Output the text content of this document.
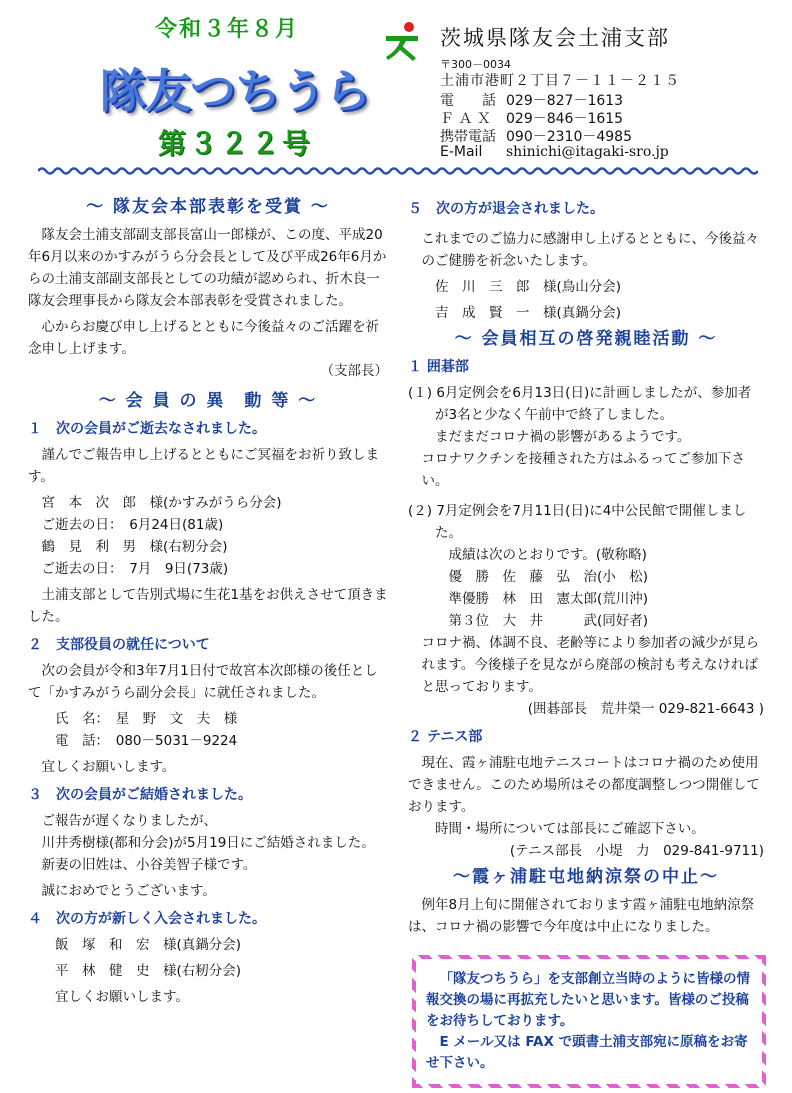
令和３年８月
隊友つちうら
第３２２号
茨城県隊友会土浦支部
〒300－0034
土浦市港町２丁目７－１１－２１５
電　　話 029－827－1613
Ｆ Ａ Ｘ 029－846－1615
携帯電話 090－2310－4985
E-Mail shinichi@itagaki-sro.jp
～ 隊友会本部表彰を受賞 ～

隊友会土浦支部副支部長富山一郎様が、この度、平成20年6月以来のかすみがうら分会長として及び平成26年6月からの土浦支部副支部長としての功績が認められ、折木良一隊友会理事長から隊友会本部表彰を受賞されました。

心からお慶び申し上げるとともに今後益々のご活躍を祈念申し上げます。

（支部長）

～ 会 員 の 異　動 等 ～
１　次の会員がご逝去なされました。

謹んでご報告申し上げるとともにご冥福をお祈り致します。

宮　本　次　郎　様(かすみがうら分会)

ご逝去の日：　6月24日(81歳)

鶴　見　利　男　様(右籾分会)

ご逝去の日：　7月　9日(73歳)

土浦支部として告別式場に生花1基をお供えさせて頂きました。

２　支部役員の就任について

次の会員が令和3年7月1日付で故宮本次郎様の後任として「かすみがうら副分会長」に就任されました。

氏　名：　星　野　文　夫　様

電　話：　080－5031－9224

宜しくお願いします。

３　次の会員がご結婚されました。

ご報告が遅くなりましたが、

川井秀樹様(都和分会)が5月19日にご結婚されました。

新妻の旧姓は、小谷美智子様です。

誠におめでとうございます。

４　次の方が新しく入会されました。

飯　塚　和　宏　様(真鍋分会)

平　林　健　史　様(右籾分会)

宜しくお願いします。

５　次の方が退会されました。

これまでのご協力に感謝申し上げるとともに、今後益々のご健勝を祈念いたします。

佐　川　三　郎　様(鳥山分会)

吉　成　賢　一　様(真鍋分会)

～ 会員相互の啓発親睦活動 ～
１ 囲碁部

(１) 6月定例会を6月13日(日)に計画しましたが、参加者が3名と少なく午前中で終了しました。

まだまだコロナ禍の影響があるようです。

コロナワクチンを接種された方はふるってご参加下さい。

(２) 7月定例会を7月11日(日)に4中公民館で開催しました。

成績は次のとおりです。(敬称略)

優　勝　佐　藤　弘　治(小　松)

準優勝　林　田　憲太郎(荒川沖)

第３位　大　井　　　武(同好者)

コロナ禍、体調不良、老齢等により参加者の減少が見られます。今後様子を見ながら廃部の検討も考えなければと思っております。

(囲碁部長　荒井榮一 029-821-6643 )

２ テニス部

現在、霞ヶ浦駐屯地テニスコートはコロナ禍のため使用できません。このため場所はその都度調整しつつ開催しております。

時間・場所については部長にご確認下さい。

(テニス部長　小堤　力　029-841-9711)

～霞ヶ浦駐屯地納涼祭の中止～

例年8月上旬に開催されております霞ヶ浦駐屯地納涼祭は、コロナ禍の影響で今年度は中止になりました。

「隊友つちうら」を支部創立当時のように皆様の情報交換の場に再拡充したいと思います。皆様のご投稿をお待ちしております。

E メール又は FAX で頭書土浦支部宛に原稿をお寄せ下さい。
